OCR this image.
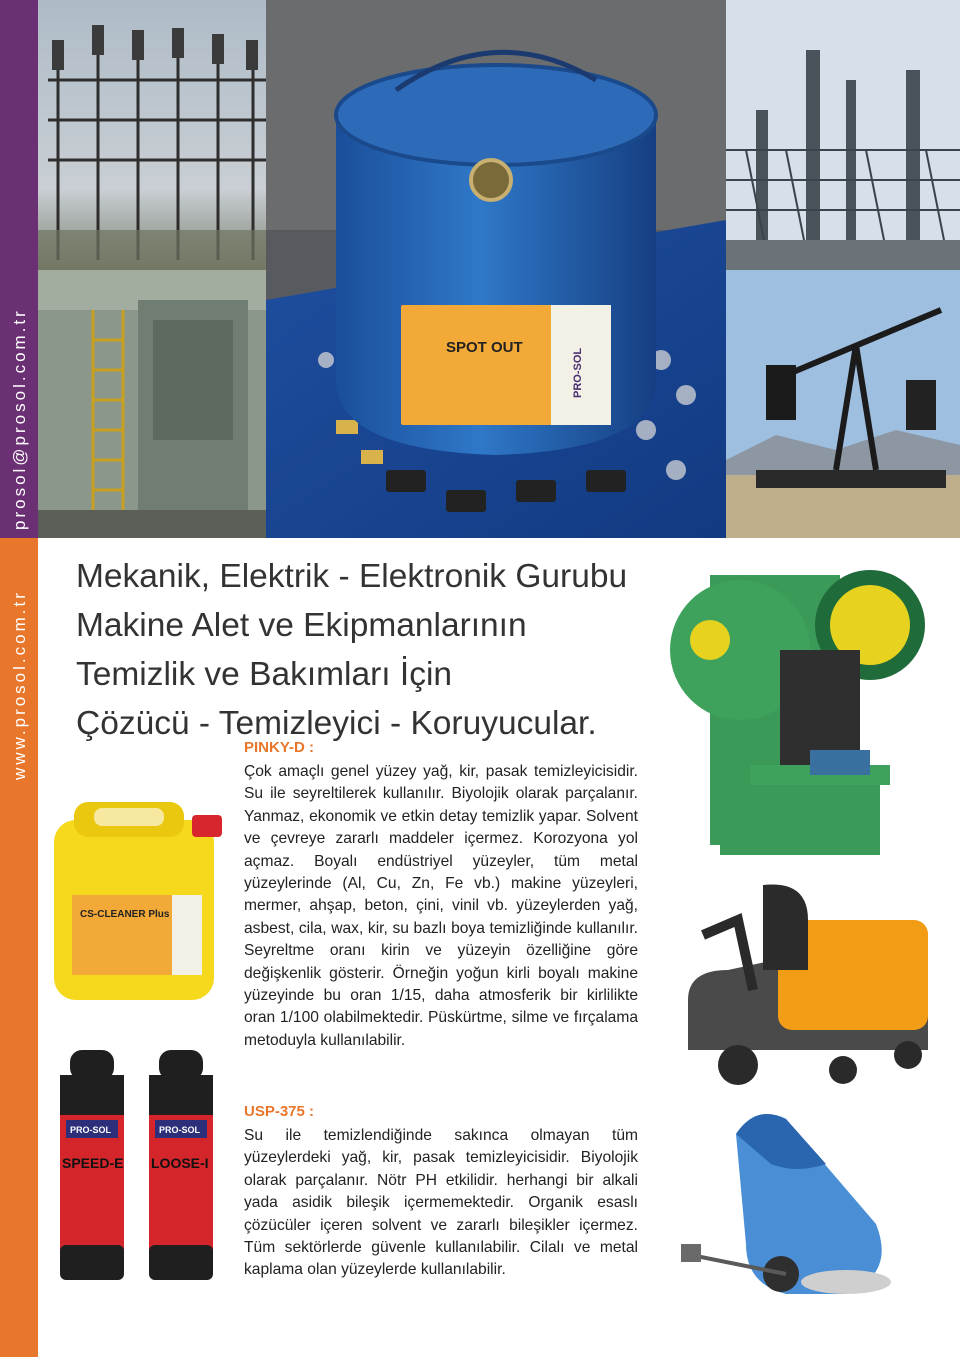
prosol@prosol.com.tr
www.prosol.com.tr
SPOT OUT
PRO-SOL
Mekanik, Elektrik - Elektronik Gurubu
Makine Alet ve Ekipmanlarının
Temizlik ve Bakımları İçin
Çözücü - Temizleyici - Koruyucular.
PINKY-D :
Çok amaçlı genel yüzey yağ, kir, pasak temizleyicisidir. Su ile seyreltilerek kullanılır. Biyolojik olarak parçalanır. Yanmaz, ekonomik ve etkin detay temizlik yapar. Solvent ve çevreye zararlı maddeler içermez. Korozyona yol açmaz. Boyalı endüstriyel yüzeyler, tüm metal yüzeylerinde (Al, Cu, Zn, Fe vb.) makine yüzeyleri, mermer, ahşap, beton, çini, vinil vb. yüzeylerden yağ, asbest, cila, wax, kir, su bazlı boya temizliğinde kullanılır. Seyreltme oranı kirin ve yüzeyin özelliğine göre değişkenlik gösterir. Örneğin yoğun kirli boyalı makine yüzeyinde bu oran 1/15, daha atmosferik bir kirlilikte oran 1/100 olabilmektedir. Püskürtme, silme ve fırçalama metoduyla kullanılabilir.
USP-375 :
Su ile temizlendiğinde sakınca olmayan tüm yüzeylerdeki yağ, kir, pasak temizleyicisidir. Biyolojik olarak parçalanır. Nötr PH etkilidir. herhangi bir alkali yada asidik bileşik içermemektedir. Organik esaslı çözücüler içeren solvent ve zararlı bileşikler içermez. Tüm sektörlerde güvenle kullanılabilir. Cilalı ve metal kaplama olan yüzeylerde kullanılabilir.
CS-CLEANER Plus
PRO-SOL
SPEED-E
PRO-SOL
LOOSE-I
